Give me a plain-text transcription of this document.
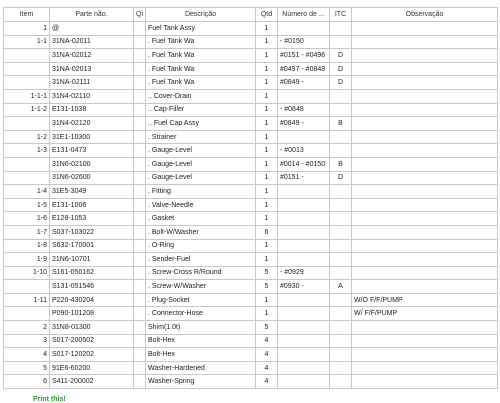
Item	Parte não.	Qi	Descrição	Qtd	Número de ...	ITC	Observação
1	@		Fuel Tank Assy	1			
1-1	31NA-02011		. Fuel Tank Wa	1	- #0150		
	31NA-02012		. Fuel Tank Wa	1	#0151 - #0496	D	
	31NA-02013		. Fuel Tank Wa	1	#0497 - #0848	D	
	31NA-02111		. Fuel Tank Wa	1	#0849 -	D	
1-1-1	31N4-02110		.. Cover-Drain	1			
1-1-2	E131-1038		.. Cap-Filler	1	- #0848		
	31N4-02120		.. Fuel Cap Assy	1	#0849 -	B	
1-2	31E1-10300		. Strainer	1			
1-3	E131-0473		. Gauge-Level	1	- #0013		
	31N6-02100		. Gauge-Level	1	#0014 - #0150	B	
	31N6-02600		. Gauge-Level	1	#0151 -	D	
1-4	31E5-3049		. Fitting	1			
1-5	E131-1006		. Valve-Needle	1			
1-6	E128-1053		. Gasket	1			
1-7	S037-103022		. Bolt-W/Washer	6			
1-8	S632-170001		. O-Ring	1			
1-9	21N6-10701		. Sender-Fuel	1			
1-10	S161-050162		. Screw-Cross R/Round	5	- #0929		
	S131-051546		. Screw-W/Washer	5	#0930 -	A	
1-11	P220-430204		. Plug-Socket	1			W/O F/F/PUMP
	P090-101208		. Connector-Hose	1			W/ F/F/PUMP
2	31N8-01300		Shim(1.0t)	5			
3	S017-200502		Bolt-Hex	4			
4	S017-120202		Bolt-Hex	4			
5	91E6-60200		Washer-Hardened	4			
6	S411-200002		Washer-Spring	4			
Print this!
